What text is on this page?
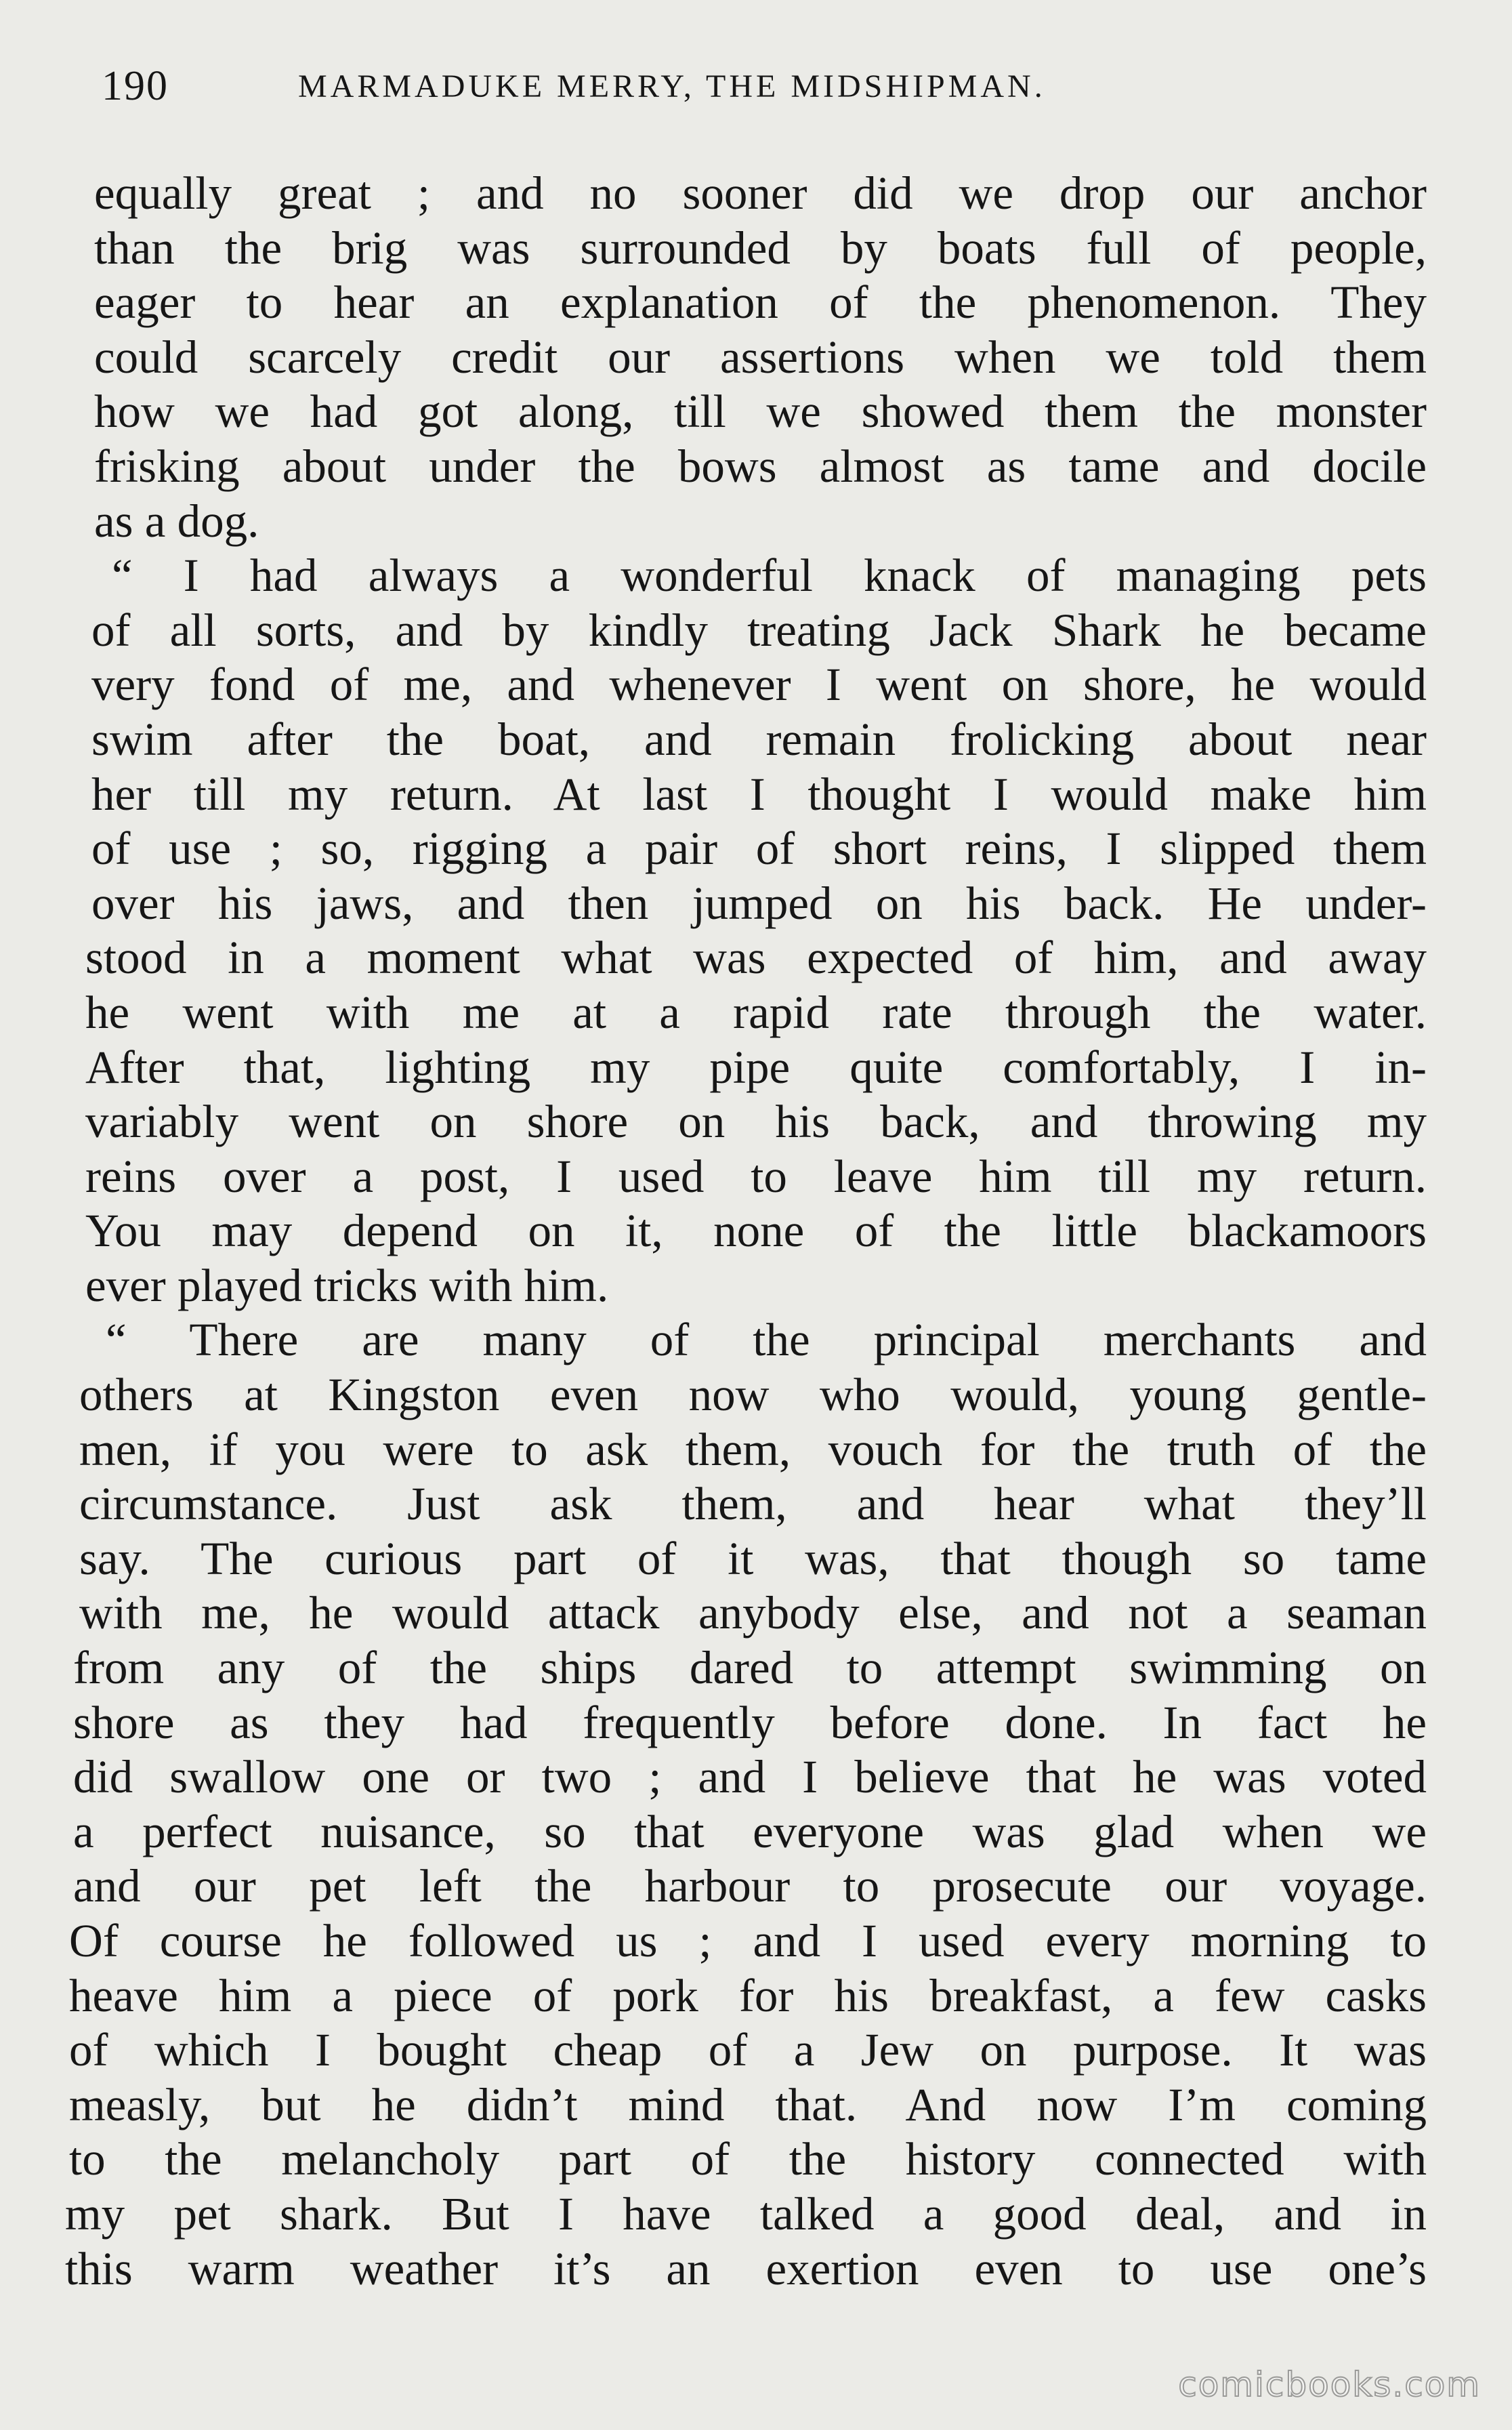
190	MARMADUKE MERRY, THE MIDSHIPMAN.
equally great ; and no sooner did we drop our anchor
than the brig was surrounded by boats full of people,
eager to hear an explanation of the phenomenon. They
could scarcely credit our assertions when we told them
how we had got along, till we showed them the monster
frisking about under the bows almost as tame and docile
as a dog.
“ I had always a wonderful knack of managing pets
of all sorts, and by kindly treating Jack Shark he became
very fond of me, and whenever I went on shore, he would
swim after the boat, and remain frolicking about near
her till my return. At last I thought I would make him
of use ; so, rigging a pair of short reins, I slipped them
over his jaws, and then jumped on his back. He under-
stood in a moment what was expected of him, and away
he went with me at a rapid rate through the water.
After that, lighting my pipe quite comfortably, I in-
variably went on shore on his back, and throwing my
reins over a post, I used to leave him till my return.
You may depend on it, none of the little blackamoors
ever played tricks with him.
“ There are many of the principal merchants and
others at Kingston even now who would, young gentle-
men, if you were to ask them, vouch for the truth of the
circumstance. Just ask them, and hear what they’ll
say. The curious part of it was, that though so tame
with me, he would attack anybody else, and not a seaman
from any of the ships dared to attempt swimming on
shore as they had frequently before done. In fact he
did swallow one or two ; and I believe that he was voted
a perfect nuisance, so that everyone was glad when we
and our pet left the harbour to prosecute our voyage.
Of course he followed us ; and I used every morning to
heave him a piece of pork for his breakfast, a few casks
of which I bought cheap of a Jew on purpose. It was
measly, but he didn’t mind that. And now I’m coming
to the melancholy part of the history connected with
my pet shark. But I have talked a good deal, and in
this warm weather it’s an exertion even to use one’s
comicbooks.com
